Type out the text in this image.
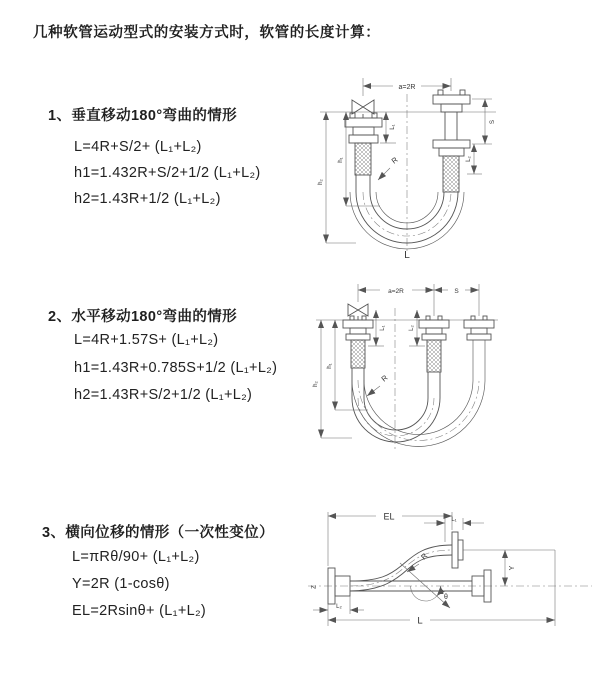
几种软管运动型式的安装方式时，软管的长度计算：
1、垂直移动180°弯曲的情形
L=4R+S/2+ (L₁+L₂)
h1=1.432R+S/2+1/2 (L₁+L₂)
h2=1.43R+1/2 (L₁+L₂)
2、水平移动180°弯曲的情形
L=4R+1.57S+ (L₁+L₂)
h1=1.43R+0.785S+1/2 (L₁+L₂)
h2=1.43R+S/2+1/2 (L₁+L₂)
3、横向位移的情形（一次性变位）
L=πRθ/90+ (L₁+L₂)
Y=2R (1-cosθ)
EL=2Rsinθ+ (L₁+L₂)
a=2R
L₁
S
L₂
h₁
h₂
R
L
a=2R	S
L₁	L₂
h₁
h₂
R
Z
EL	L₁
Y
R
θ
L₂
L
